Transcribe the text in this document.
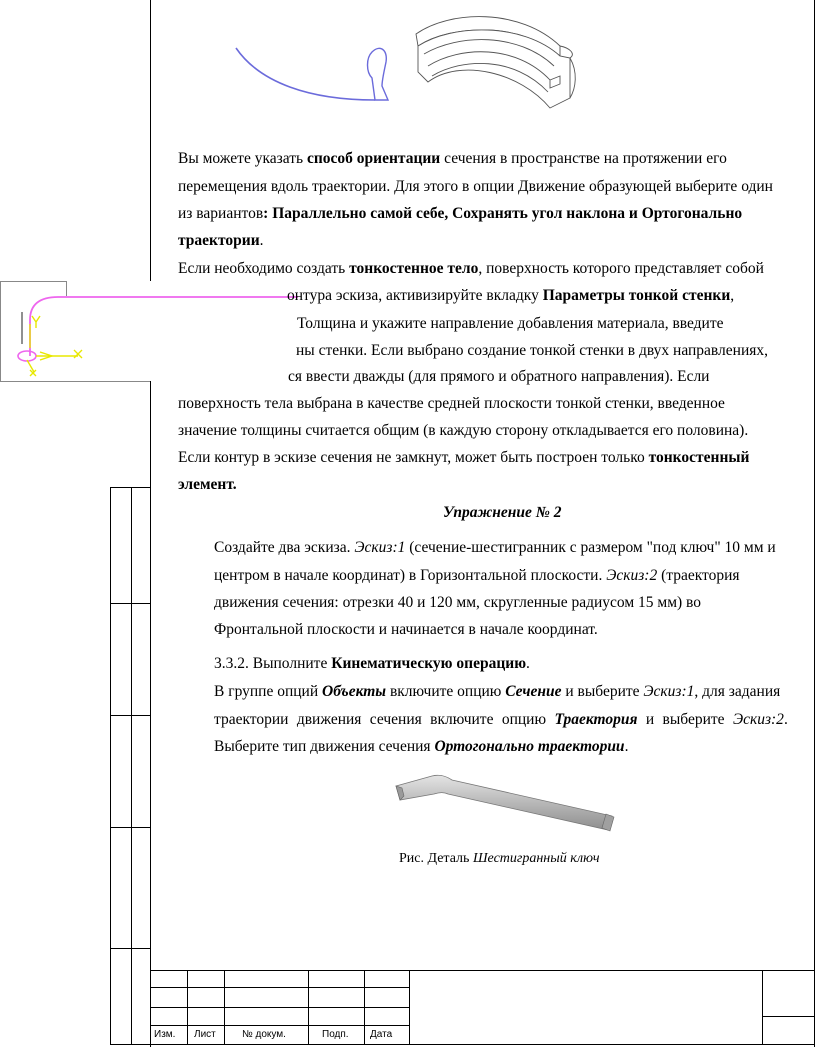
Изм. Лист	№ докум.	Подп. Дата
Вы можете указать способ ориентации сечения в пространстве на протяжении его
перемещения вдоль траектории. Для этого в опции Движение образующей выберите один
из вариантов: Параллельно самой себе, Сохранять угол наклона и Ортогонально
траектории.
Если необходимо создать тонкостенное тело, поверхность которого представляет собой
онтура эскиза, активизируйте вкладку Параметры тонкой стенки,
Толщина и укажите направление добавления материала, введите
ны стенки. Если выбрано создание тонкой стенки в двух направлениях,
ся ввести дважды (для прямого и обратного направления). Если
поверхность тела выбрана в качестве средней плоскости тонкой стенки, введенное
значение толщины считается общим (в каждую сторону откладывается его половина).
Если контур в эскизе сечения не замкнут, может быть построен только тонкостенный
элемент.
Упражнение № 2
Создайте два эскиза. Эскиз:1 (сечение-шестигранник с размером "под ключ" 10 мм и
центром в начале координат) в Горизонтальной плоскости. Эскиз:2 (траектория
движения сечения: отрезки 40 и 120 мм, скругленные радиусом 15 мм) во
Фронтальной плоскости и начинается в начале координат.
3.3.2. Выполните Кинематическую операцию.
В группе опций Объекты включите опцию Сечение и выберите Эскиз:1, для задания
траектории движения сечения включите опцию Траектория и выберите Эскиз:2.
Выберите тип движения сечения Ортогонально траектории.
Рис. Деталь Шестигранный ключ
